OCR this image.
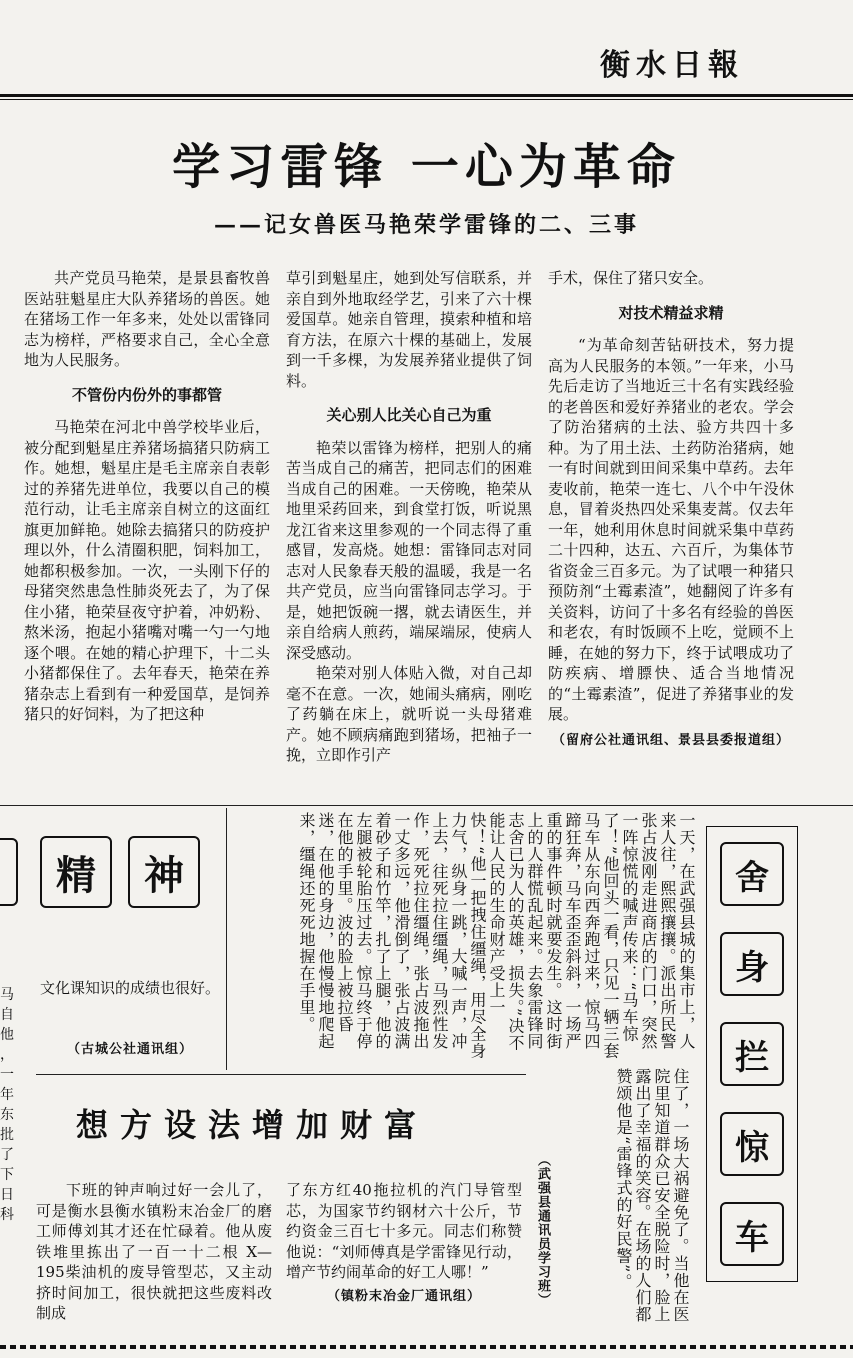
衡水日報
学习雷锋 一心为革命
——记女兽医马艳荣学雷锋的二、三事

共产党员马艳荣，是景县畜牧兽医站驻魁星庄大队养猪场的兽医。她在猪场工作一年多来，处处以雷锋同志为榜样，严格要求自己，全心全意地为人民服务。

不管份内份外的事都管

马艳荣在河北中兽学校毕业后，被分配到魁星庄养猪场搞猪只防病工作。她想，魁星庄是毛主席亲自表彰过的养猪先进单位，我要以自己的模范行动，让毛主席亲自树立的这面红旗更加鲜艳。她除去搞猪只的防疫护理以外，什么清圈积肥，饲料加工，她都积极参加。一次，一头刚下仔的母猪突然患急性肺炎死去了，为了保住小猪，艳荣昼夜守护着，冲奶粉、熬米汤，抱起小猪嘴对嘴一勺一勺地逐个喂。在她的精心护理下，十二头小猪都保住了。去年春天，艳荣在养猪杂志上看到有一种爱国草，是饲养猪只的好饲料，为了把这种

草引到魁星庄，她到处写信联系，并亲自到外地取经学艺，引来了六十棵爱国草。她亲自管理，摸索种植和培育方法，在原六十棵的基础上，发展到一千多棵，为发展养猪业提供了饲料。

关心别人比关心自己为重

艳荣以雷锋为榜样，把别人的痛苦当成自己的痛苦，把同志们的困难当成自己的困难。一天傍晚，艳荣从地里采药回来，到食堂打饭，听说黑龙江省来这里参观的一个同志得了重感冒，发高烧。她想：雷锋同志对同志对人民象春天般的温暖，我是一名共产党员，应当向雷锋同志学习。于是，她把饭碗一撂，就去请医生，并亲自给病人煎药，端屎端尿，使病人深受感动。

艳荣对别人体贴入微，对自己却毫不在意。一次，她闹头痛病，刚吃了药躺在床上，就听说一头母猪难产。她不顾病痛跑到猪场，把袖子一挽，立即作引产

手术，保住了猪只安全。

对技术精益求精

“为革命刻苦钻研技术，努力提高为人民服务的本领。”一年来，小马先后走访了当地近三十名有实践经验的老兽医和爱好养猪业的老农。学会了防治猪病的土法、验方共四十多种。为了用土法、土药防治猪病，她一有时间就到田间采集中草药。去年麦收前，艳荣一连七、八个中午没休息，冒着炎热四处采集麦蒿。仅去年一年，她利用休息时间就采集中草药二十四种，达五、六百斤，为集体节省资金三百多元。为了试喂一种猪只预防剂“土霉素渣”，她翻阅了许多有关资料，访问了十多名有经验的兽医和老农，有时饭顾不上吃，觉顾不上睡，在她的努力下，终于试喂成功了防疾病、增膘快、适合当地情况的“土霉素渣”，促进了养猪事业的发展。

（留府公社通讯组、景县县委报道组）
马
自
他
，
一年
东
批
了下
日
科
精	神

文化课知识的成绩也很好。

（古城公社通讯组）	一天，在武强县城的集市上，人来人往，熙熙攘攘。派出所民警张占波刚走进商店的门口，突然一阵惊慌的喊声传来：“马车惊了！”他回头一看，只见一辆三套马车从东向西奔跑过来，惊马四蹄狂奔，马车歪歪斜斜，一场严重的事件顿时就要发生。这时街上的人群慌乱起来。去象雷锋同志舍已为人的英雄，损失。”决不能让人民的生命财产受上一快！“他一把拽住缰绳，用尽全身力气，纵身一跳，大喊一声，冲上去，往死拉住缰绳，马烈性发作，死死拉住缰绳，张占波拖出一丈多远，他滑倒了，张占波满着砂子和竹竿，扎了上腿，他的左腿被轮胎压过去。惊马终于停在他的手里。波的脸上被拉昏迷，在他的身边，他慢慢地爬起来，缰绳还死死地握在手里。
住了，一场大祸避免了。当他在医院里知道群众已安全脱险时，脸上露出了幸福的笑容。在场的人们都赞颂他是“雷锋式的好民警”。
（武强县通讯员学习班）
舍
身
拦
惊
车
想方设法增加财富

下班的钟声响过好一会儿了，可是衡水县衡水镇粉末冶金厂的磨工师傅刘其才还在忙碌着。他从废铁堆里拣出了一百一十二根 X—195柴油机的废导管型芯，又主动挤时间加工，很快就把这些废料改制成

了东方红40拖拉机的汽门导管型芯，为国家节约钢材六十公斤，节约资金三百七十多元。同志们称赞他说：“刘师傅真是学雷锋见行动，增产节约闹革命的好工人哪！”

（镇粉末冶金厂通讯组）
